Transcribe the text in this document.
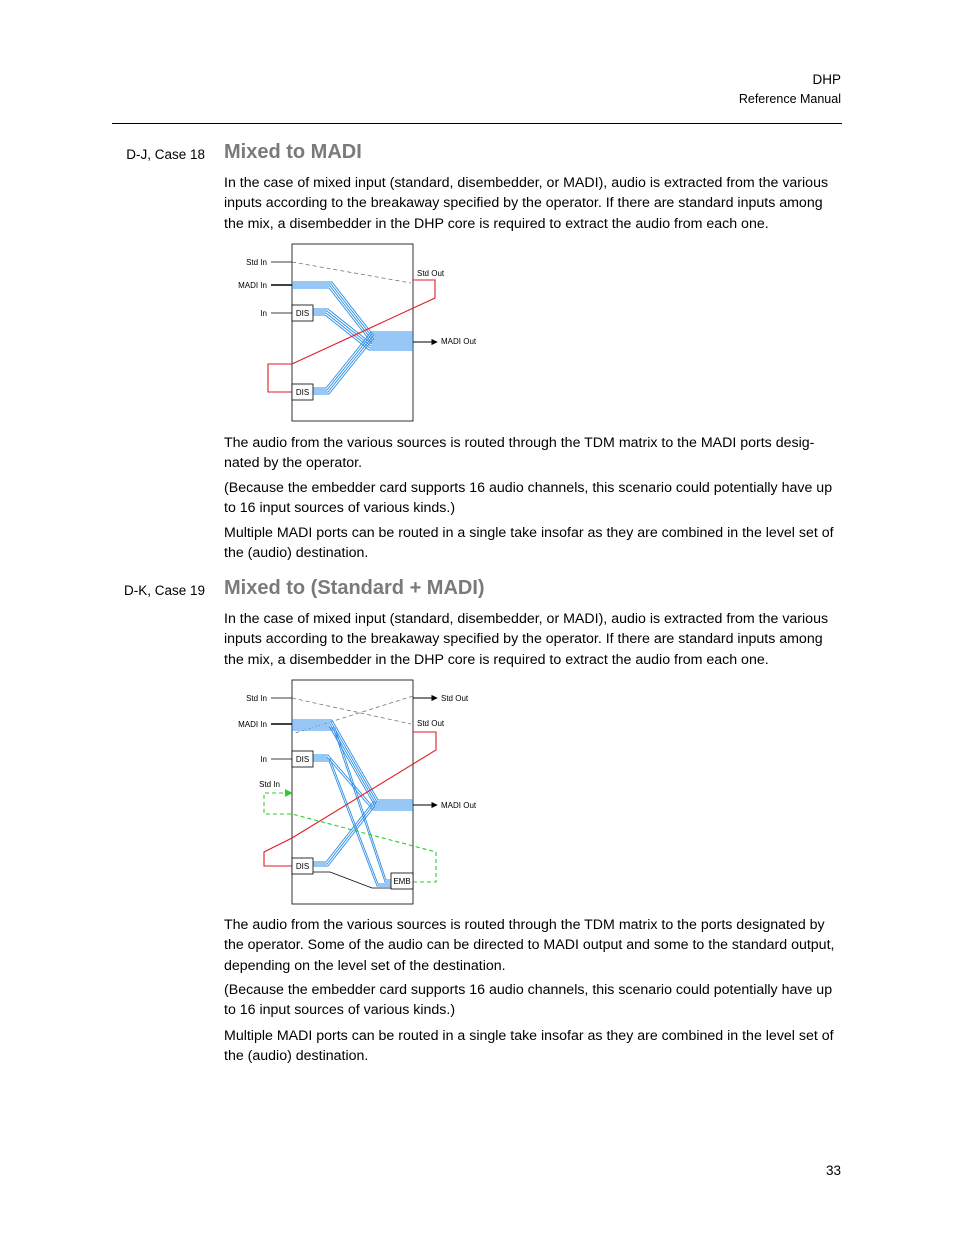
DHP
Reference Manual
D-J, Case 18 Mixed to MADI

In the case of mixed input (standard, disembedder, or MADI), audio is extracted from the various inputs according to the breakaway specified by the operator. If there are standard inputs among the mix, a disembedder in the DHP core is required to extract the audio from each one.

Std In
MADI In
In	DIS
DIS
Std Out
MADI Out

The audio from the various sources is routed through the TDM matrix to the MADI ports desig-nated by the operator.

(Because the embedder card supports 16 audio channels, this scenario could potentially have up to 16 input sources of various kinds.)

Multiple MADI ports can be routed in a single take insofar as they are combined in the level set of the (audio) destination.

D-K, Case 19 Mixed to (Standard + MADI)

In the case of mixed input (standard, disembedder, or MADI), audio is extracted from the various inputs according to the breakaway specified by the operator. If there are standard inputs among the mix, a disembedder in the DHP core is required to extract the audio from each one.

Std In
MADI In
In
Std In
DIS
DIS
EMB
Std Out
Std Out
MADI Out

The audio from the various sources is routed through the TDM matrix to the ports designated by the operator. Some of the audio can be directed to MADI output and some to the standard output, depending on the level set of the destination.

(Because the embedder card supports 16 audio channels, this scenario could potentially have up to 16 input sources of various kinds.)

Multiple MADI ports can be routed in a single take insofar as they are combined in the level set of the (audio) destination.

33
